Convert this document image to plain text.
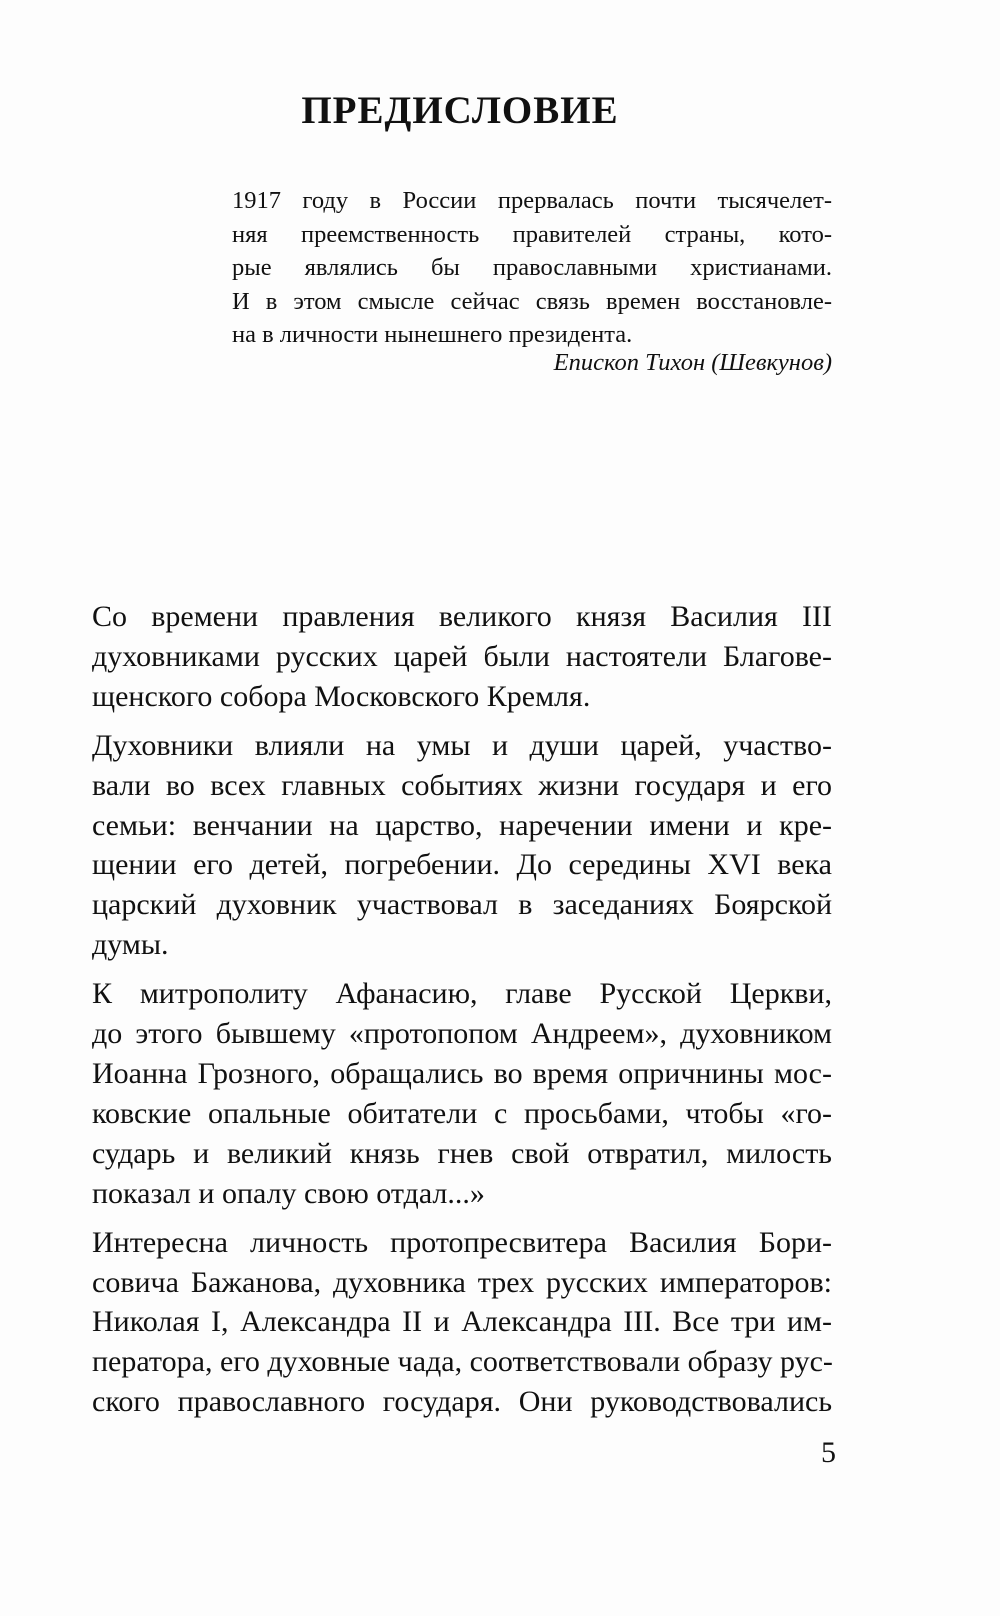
ПРЕДИСЛОВИЕ

1917 году в России прервалась почти тысячелет-
няя преемственность правителей страны, кото-
рые являлись бы православными христианами.
И в этом смысле сейчас связь времен восстановле-
на в личности нынешнего президента.

Епископ Тихон (Шевкунов)

Со времени правления великого князя Василия III
духовниками русских царей были настоятели Благове-
щенского собора Московского Кремля.

Духовники влияли на умы и души царей, участво-
вали во всех главных событиях жизни государя и его
семьи: венчании на царство, наречении имени и кре-
щении его детей, погребении. До середины XVI века
царский духовник участвовал в заседаниях Боярской
думы.

К митрополиту Афанасию, главе Русской Церкви,
до этого бывшему «протопопом Андреем», духовником
Иоанна Грозного, обращались во время опричнины мос-
ковские опальные обитатели с просьбами, чтобы «го-
сударь и великий князь гнев свой отвратил, милость
показал и опалу свою отдал...»

Интересна личность протопресвитера Василия Бори-
совича Бажанова, духовника трех русских императоров:
Николая I, Александра II и Александра III. Все три им-
ператора, его духовные чада, соответствовали образу рус-
ского православного государя. Они руководствовались

5
